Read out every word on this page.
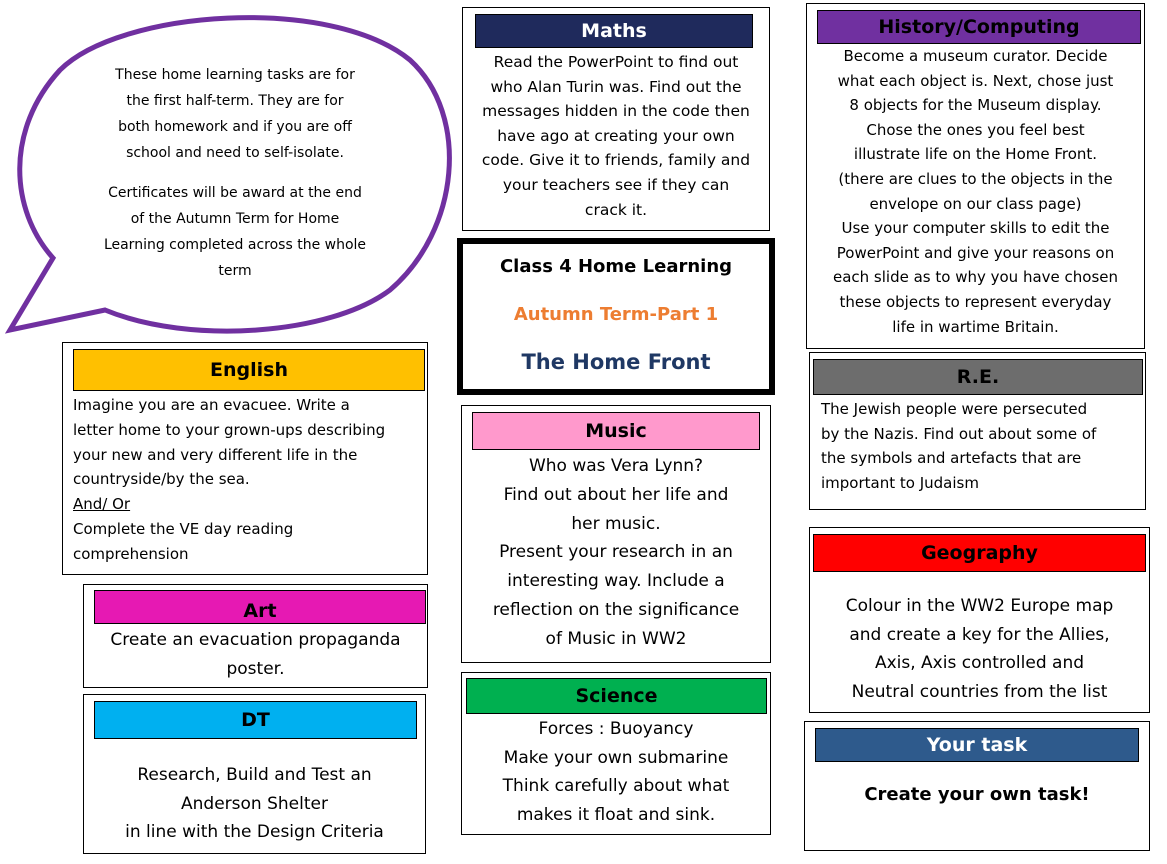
These home learning tasks are for
the first half-term. They are for
both homework and if you are off
school and need to self-isolate.
Certificates will be award at the end
of the Autumn Term for Home
Learning completed across the whole
term
Maths
Read the PowerPoint to find out
who Alan Turin was. Find out the
messages hidden in the code then
have ago at creating your own
code. Give it to friends, family and
your teachers see if they can
crack it.
Class 4 Home Learning
Autumn Term-Part 1
The Home Front
History/Computing
Become a museum curator. Decide
what each object is. Next, chose just
8 objects for the Museum display.
Chose the ones you feel best
illustrate life on the Home Front.
(there are clues to the objects in the
envelope on our class page)
Use your computer skills to edit the
PowerPoint and give your reasons on
each slide as to why you have chosen
these objects to represent everyday
life in wartime Britain.
English
Imagine you are an evacuee. Write a
letter home to your grown-ups describing
your new and very different life in the
countryside/by the sea.
And/ Or
Complete the VE day reading
comprehension
R.E.
The Jewish people were persecuted
by the Nazis. Find out about some of
the symbols and artefacts that are
important to Judaism
Music
Who was Vera Lynn?
Find out about her life and
her music.
Present your research in an
interesting way. Include a
reflection on the significance
of Music in WW2
Geography
Colour in the WW2 Europe map
and create a key for the Allies,
Axis, Axis controlled and
Neutral countries from the list
Art
Create an evacuation propaganda
poster.
DT
Research, Build and Test an
Anderson Shelter
in line with the Design Criteria
Science
Forces : Buoyancy
Make your own submarine
Think carefully about what
makes it float and sink.
Your task
Create your own task!
